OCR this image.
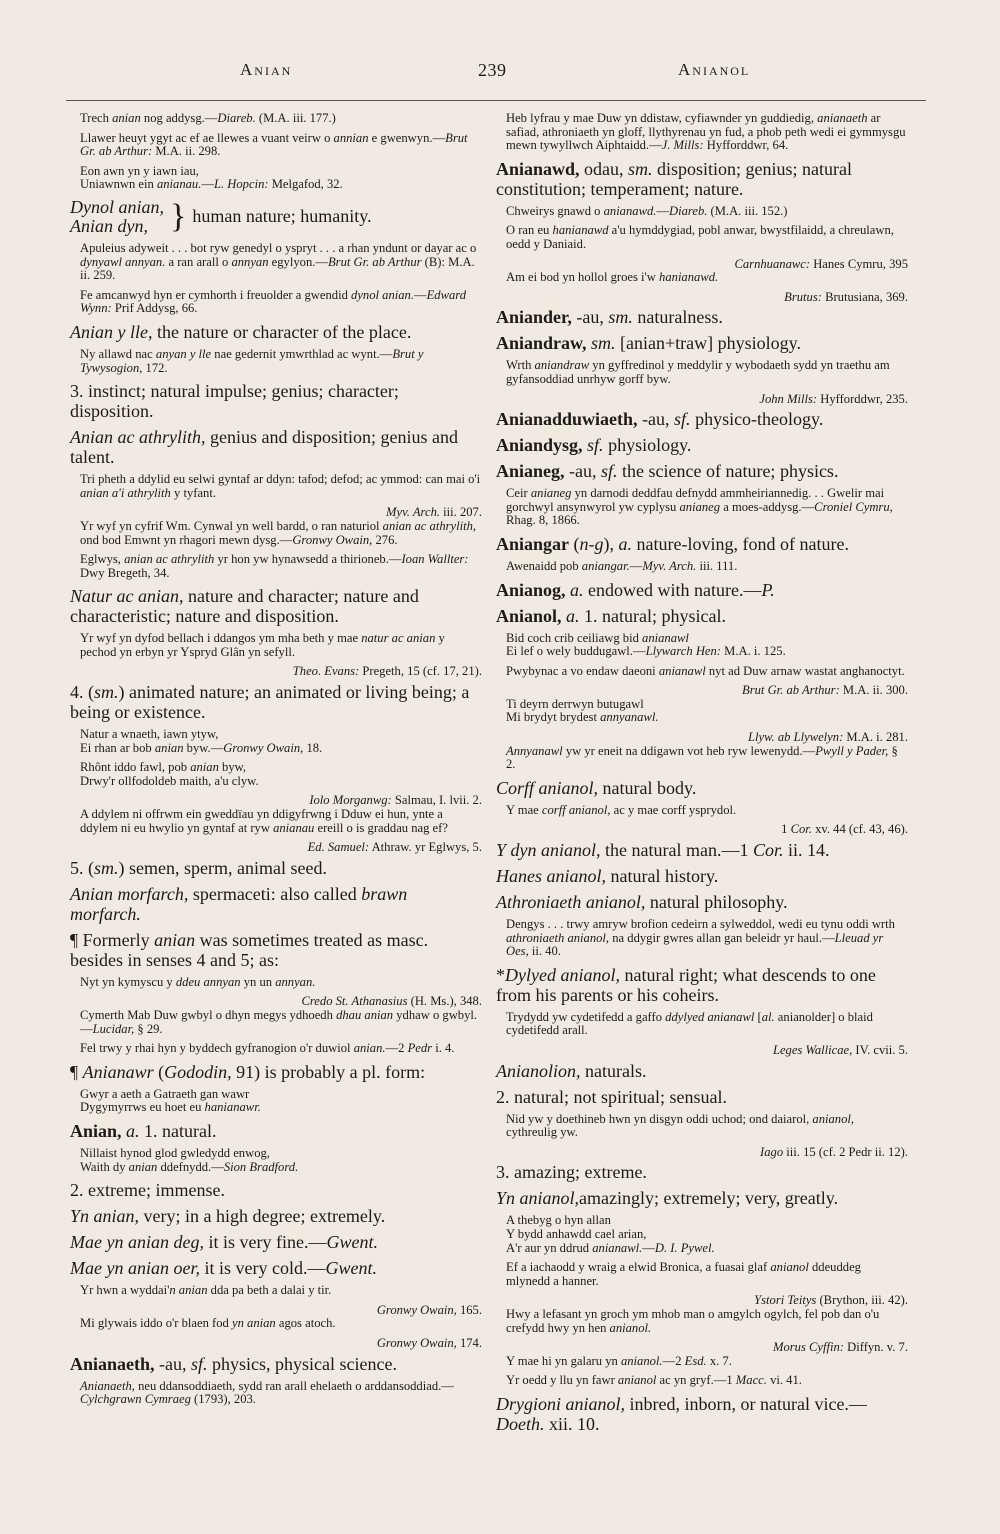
Anian	239	Anianol

Trech anian nog addysg.—Diareb. (M.A. iii. 177.)

Llawer heuyt ygyt ac ef ae llewes a vuant veirw o annian e gwenwyn.—Brut Gr. ab Arthur: M.A. ii. 298.

Eon awn yn y iawn iau,
Uniawnwn ein anianau.—L. Hopcin: Melgafod, 32.

Dynol anian,
Anian dyn, } human nature; humanity.

Apuleius adyweit . . . bot ryw genedyl o yspryt . . . a rhan yndunt or dayar ac o dynyawl annyan. a ran arall o annyan egylyon.—Brut Gr. ab Arthur (B): M.A. ii. 259.

Fe amcanwyd hyn er cymhorth i freuolder a gwendid dynol anian.—Edward Wynn: Prif Addysg, 66.

Anian y lle, the nature or character of the place.

Ny allawd nac anyan y lle nae gedernit ymwrthlad ac wynt.—Brut y Tywysogion, 172.

3. instinct; natural impulse; genius; character; disposition.

Anian ac athrylith, genius and disposition; genius and talent.

Tri pheth a ddylid eu selwi gyntaf ar ddyn: tafod; defod; ac ymmod: can mai o'i anian a'i athrylith y tyfant.

Myv. Arch. iii. 207.

Yr wyf yn cyfrif Wm. Cynwal yn well bardd, o ran naturiol anian ac athrylith, ond bod Emwnt yn rhagori mewn dysg.—Gronwy Owain, 276.

Eglwys, anian ac athrylith yr hon yw hynawsedd a thirioneb.—Ioan Wallter: Dwy Bregeth, 34.

Natur ac anian, nature and character; nature and characteristic; nature and disposition.

Yr wyf yn dyfod bellach i ddangos ym mha beth y mae natur ac anian y pechod yn erbyn yr Yspryd Glân yn sefyll.

Theo. Evans: Pregeth, 15 (cf. 17, 21).

4. (sm.) animated nature; an animated or living being; a being or existence.

Natur a wnaeth, iawn ytyw,
Ei rhan ar bob anian byw.—Gronwy Owain, 18.

Rhônt iddo fawl, pob anian byw,
Drwy'r ollfodoldeb maith, a'u clyw.

Iolo Morganwg: Salmau, I. lvii. 2.

A ddylem ni offrwm ein gweddïau yn ddigyfrwng i Dduw ei hun, ynte a ddylem ni eu hwylio yn gyntaf at ryw anianau ereill o is graddau nag ef?

Ed. Samuel: Athraw. yr Eglwys, 5.

5. (sm.) semen, sperm, animal seed.

Anian morfarch, spermaceti: also called brawn morfarch.

¶ Formerly anian was sometimes treated as masc. besides in senses 4 and 5; as:

Nyt yn kymyscu y ddeu annyan yn un annyan.

Credo St. Athanasius (H. Ms.), 348.

Cymerth Mab Duw gwbyl o dhyn megys ydhoedh dhau anian ydhaw o gwbyl.—Lucidar, § 29.

Fel trwy y rhai hyn y byddech gyfranogion o'r duwiol anian.—2 Pedr i. 4.

¶ Anianawr (Gododin, 91) is probably a pl. form:

Gwyr a aeth a Gatraeth gan wawr
Dygymyrrws eu hoet eu hanianawr.

Anian, a. 1. natural.

Nillaist hynod glod gwledydd enwog,
Waith dy anian ddefnydd.—Sion Bradford.

2. extreme; immense.

Yn anian, very; in a high degree; extremely.

Mae yn anian deg, it is very fine.—Gwent.

Mae yn anian oer, it is very cold.—Gwent.

Yr hwn a wyddai'n anian dda pa beth a dalai y tir.

Gronwy Owain, 165.

Mi glywais iddo o'r blaen fod yn anian agos atoch.

Gronwy Owain, 174.

Anianaeth, -au, sf. physics, physical science.

Anianaeth, neu ddansoddiaeth, sydd ran arall ehelaeth o arddansoddiad.—Cylchgrawn Cymraeg (1793), 203.

Heb lyfrau y mae Duw yn ddistaw, cyfiawnder yn guddiedig, anianaeth ar safiad, athroniaeth yn gloff, llythyrenau yn fud, a phob peth wedi ei gymmysgu mewn tywyllwch Aiphtaidd.—J. Mills: Hyfforddwr, 64.

Anianawd, odau, sm. disposition; genius; natural constitution; temperament; nature.

Chweirys gnawd o anianawd.—Diareb. (M.A. iii. 152.)

O ran eu hanianawd a'u hymddygiad, pobl anwar, bwystfilaidd, a chreulawn, oedd y Daniaid.

Carnhuanawc: Hanes Cymru, 395

Am ei bod yn hollol groes i'w hanianawd.

Brutus: Brutusiana, 369.

Aniander, -au, sm. naturalness.

Aniandraw, sm. [anian+traw] physiology.

Wrth aniandraw yn gyffredinol y meddylir y wybodaeth sydd yn traethu am gyfansoddiad unrhyw gorff byw.

John Mills: Hyfforddwr, 235.

Anianadduwiaeth, -au, sf. physico-theology.

Aniandysg, sf. physiology.

Anianeg, -au, sf. the science of nature; physics.

Ceir anianeg yn darnodi deddfau defnydd ammheiriannedig. . . Gwelir mai gorchwyl ansynwyrol yw cyplysu anianeg a moes-addysg.—Croniel Cymru, Rhag. 8, 1866.

Aniangar (n-g), a. nature-loving, fond of nature.

Awenaidd pob aniangar.—Myv. Arch. iii. 111.

Anianog, a. endowed with nature.—P.

Anianol, a. 1. natural; physical.

Bid coch crib ceiliawg bid anianawl
Ei lef o wely buddugawl.—Llywarch Hen: M.A. i. 125.

Pwybynac a vo endaw daeoni anianawl nyt ad Duw arnaw wastat anghanoctyt.

Brut Gr. ab Arthur: M.A. ii. 300.

Ti deyrn derrwyn butugawl
Mi brydyt brydest annyanawl.

Llyw. ab Llywelyn: M.A. i. 281.

Annyanawl yw yr eneit na ddigawn vot heb ryw lewenydd.—Pwyll y Pader, § 2.

Corff anianol, natural body.

Y mae corff anianol, ac y mae corff ysprydol.

1 Cor. xv. 44 (cf. 43, 46).

Y dyn anianol, the natural man.—1 Cor. ii. 14.

Hanes anianol, natural history.

Athroniaeth anianol, natural philosophy.

Dengys . . . trwy amryw brofion cedeirn a sylweddol, wedi eu tynu oddi wrth athroniaeth anianol, na ddygir gwres allan gan beleidr yr haul.—Lleuad yr Oes, ii. 40.

*Dylyed anianol, natural right; what descends to one from his parents or his coheirs.

Trydydd yw cydetifedd a gaffo ddylyed anianawl [al. anianolder] o blaid cydetifedd arall.

Leges Wallicae, IV. cvii. 5.

Anianolion, naturals.

2. natural; not spiritual; sensual.

Nid yw y doethineb hwn yn disgyn oddi uchod; ond daiarol, anianol, cythreulig yw.

Iago iii. 15 (cf. 2 Pedr ii. 12).

3. amazing; extreme.

Yn anianol,amazingly; extremely; very, greatly.

A thebyg o hyn allan
Y bydd anhawdd cael arian,
A'r aur yn ddrud anianawl.—D. I. Pywel.

Ef a iachaodd y wraig a elwid Bronica, a fuasai glaf anianol ddeuddeg mlynedd a hanner.

Ystori Teitys (Brython, iii. 42).

Hwy a lefasant yn groch ym mhob man o amgylch ogylch, fel pob dan o'u crefydd hwy yn hen anianol.

Morus Cyffin: Diffyn. v. 7.

Y mae hi yn galaru yn anianol.—2 Esd. x. 7.

Yr oedd y llu yn fawr anianol ac yn gryf.—1 Macc. vi. 41.

Drygioni anianol, inbred, inborn, or natural vice.—Doeth. xii. 10.
